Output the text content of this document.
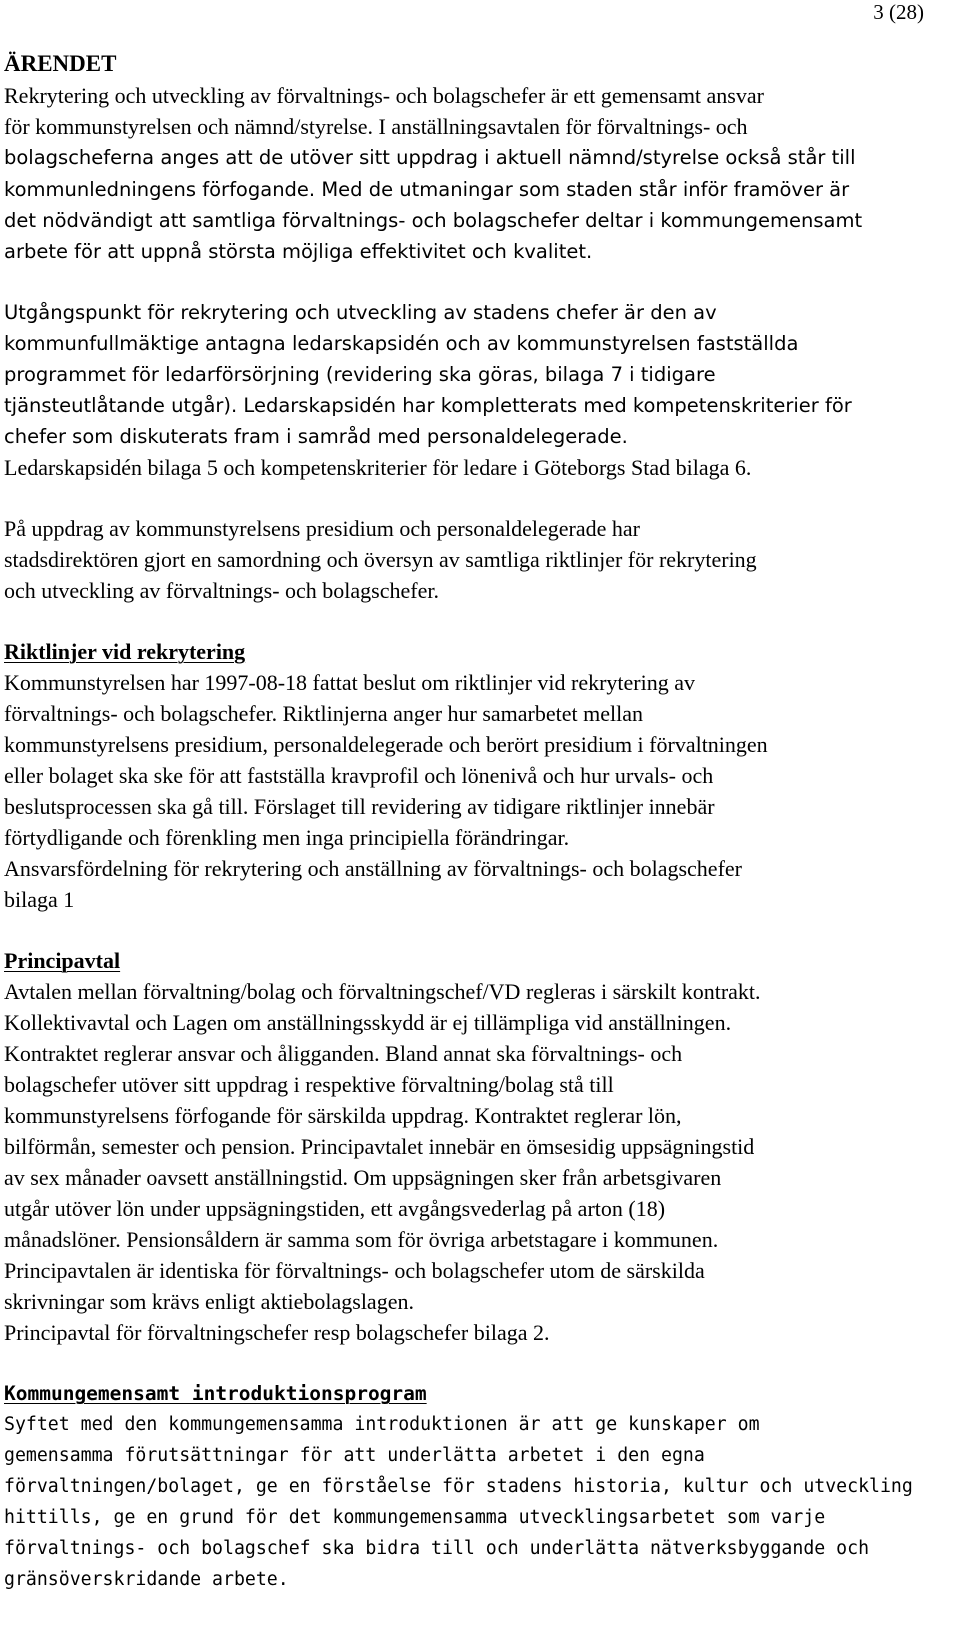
3 (28)
ÄRENDET
Rekrytering och utveckling av förvaltnings- och bolagschefer är ett gemensamt ansvar
för kommunstyrelsen och nämnd/styrelse. I anställningsavtalen för förvaltnings- och
bolagscheferna anges att de utöver sitt uppdrag i aktuell nämnd/styrelse också står till
kommunledningens förfogande. Med de utmaningar som staden står inför framöver är
det nödvändigt att samtliga förvaltnings- och bolagschefer deltar i kommungemensamt
arbete för att uppnå största möjliga effektivitet och kvalitet.
Utgångspunkt för rekrytering och utveckling av stadens chefer är den av
kommunfullmäktige antagna ledarskapsidén och av kommunstyrelsen fastställda
programmet för ledarförsörjning (revidering ska göras, bilaga 7 i tidigare
tjänsteutlåtande utgår). Ledarskapsidén har kompletterats med kompetenskriterier för
chefer som diskuterats fram i samråd med personaldelegerade.
Ledarskapsidén bilaga 5 och kompetenskriterier för ledare i Göteborgs Stad bilaga 6.
På uppdrag av kommunstyrelsens presidium och personaldelegerade har
stadsdirektören gjort en samordning och översyn av samtliga riktlinjer för rekrytering
och utveckling av förvaltnings- och bolagschefer.
Riktlinjer vid rekrytering
Kommunstyrelsen har 1997-08-18 fattat beslut om riktlinjer vid rekrytering av
förvaltnings- och bolagschefer. Riktlinjerna anger hur samarbetet mellan
kommunstyrelsens presidium, personaldelegerade och berört presidium i förvaltningen
eller bolaget ska ske för att fastställa kravprofil och lönenivå och hur urvals- och
beslutsprocessen ska gå till. Förslaget till revidering av tidigare riktlinjer innebär
förtydligande och förenkling men inga principiella förändringar.
Ansvarsfördelning för rekrytering och anställning av förvaltnings- och bolagschefer
bilaga 1
Principavtal
Avtalen mellan förvaltning/bolag och förvaltningschef/VD regleras i särskilt kontrakt.
Kollektivavtal och Lagen om anställningsskydd är ej tillämpliga vid anställningen.
Kontraktet reglerar ansvar och åligganden. Bland annat ska förvaltnings- och
bolagschefer utöver sitt uppdrag i respektive förvaltning/bolag stå till
kommunstyrelsens förfogande för särskilda uppdrag. Kontraktet reglerar lön,
bilförmån, semester och pension. Principavtalet innebär en ömsesidig uppsägningstid
av sex månader oavsett anställningstid. Om uppsägningen sker från arbetsgivaren
utgår utöver lön under uppsägningstiden, ett avgångsvederlag på arton (18)
månadslöner. Pensionsåldern är samma som för övriga arbetstagare i kommunen.
Principavtalen är identiska för förvaltnings- och bolagschefer utom de särskilda
skrivningar som krävs enligt aktiebolagslagen.
Principavtal för förvaltningschefer resp bolagschefer bilaga 2.
Kommungemensamt introduktionsprogram
Syftet med den kommungemensamma introduktionen är att ge kunskaper om
gemensamma förutsättningar för att underlätta arbetet i den egna
förvaltningen/bolaget, ge en förståelse för stadens historia, kultur och utveckling
hittills, ge en grund för det kommungemensamma utvecklingsarbetet som varje
förvaltnings- och bolagschef ska bidra till och underlätta nätverksbyggande och
gränsöverskridande arbete.
